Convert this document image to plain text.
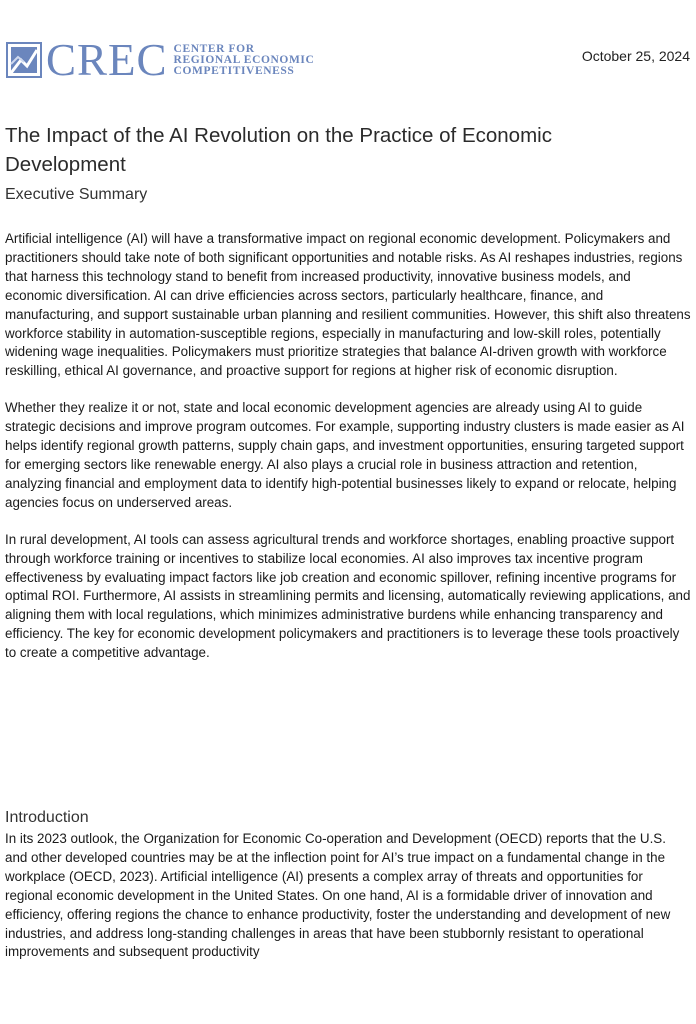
CREC CENTER FOR
REGIONAL ECONOMIC
COMPETITIVENESS
October 25, 2024
The Impact of the AI Revolution on the Practice of Economic Development
Executive Summary

Artificial intelligence (AI) will have a transformative impact on regional economic development. Policymakers and practitioners should take note of both significant opportunities and notable risks. As AI reshapes industries, regions that harness this technology stand to benefit from increased productivity, innovative business models, and economic diversification. AI can drive efficiencies across sectors, particularly healthcare, finance, and manufacturing, and support sustainable urban planning and resilient communities. However, this shift also threatens workforce stability in automation-susceptible regions, especially in manufacturing and low-skill roles, potentially widening wage inequalities. Policymakers must prioritize strategies that balance AI-driven growth with workforce reskilling, ethical AI governance, and proactive support for regions at higher risk of economic disruption.

Whether they realize it or not, state and local economic development agencies are already using AI to guide strategic decisions and improve program outcomes. For example, supporting industry clusters is made easier as AI helps identify regional growth patterns, supply chain gaps, and investment opportunities, ensuring targeted support for emerging sectors like renewable energy. AI also plays a crucial role in business attraction and retention, analyzing financial and employment data to identify high-potential businesses likely to expand or relocate, helping agencies focus on underserved areas.

In rural development, AI tools can assess agricultural trends and workforce shortages, enabling proactive support through workforce training or incentives to stabilize local economies. AI also improves tax incentive program effectiveness by evaluating impact factors like job creation and economic spillover, refining incentive programs for optimal ROI. Furthermore, AI assists in streamlining permits and licensing, automatically reviewing applications, and aligning them with local regulations, which minimizes administrative burdens while enhancing transparency and efficiency. The key for economic development policymakers and practitioners is to leverage these tools proactively to create a competitive advantage.

Introduction

In its 2023 outlook, the Organization for Economic Co-operation and Development (OECD) reports that the U.S. and other developed countries may be at the inflection point for AI’s true impact on a fundamental change in the workplace (OECD, 2023). Artificial intelligence (AI) presents a complex array of threats and opportunities for regional economic development in the United States. On one hand, AI is a formidable driver of innovation and efficiency, offering regions the chance to enhance productivity, foster the understanding and development of new industries, and address long-standing challenges in areas that have been stubbornly resistant to operational improvements and subsequent productivity
